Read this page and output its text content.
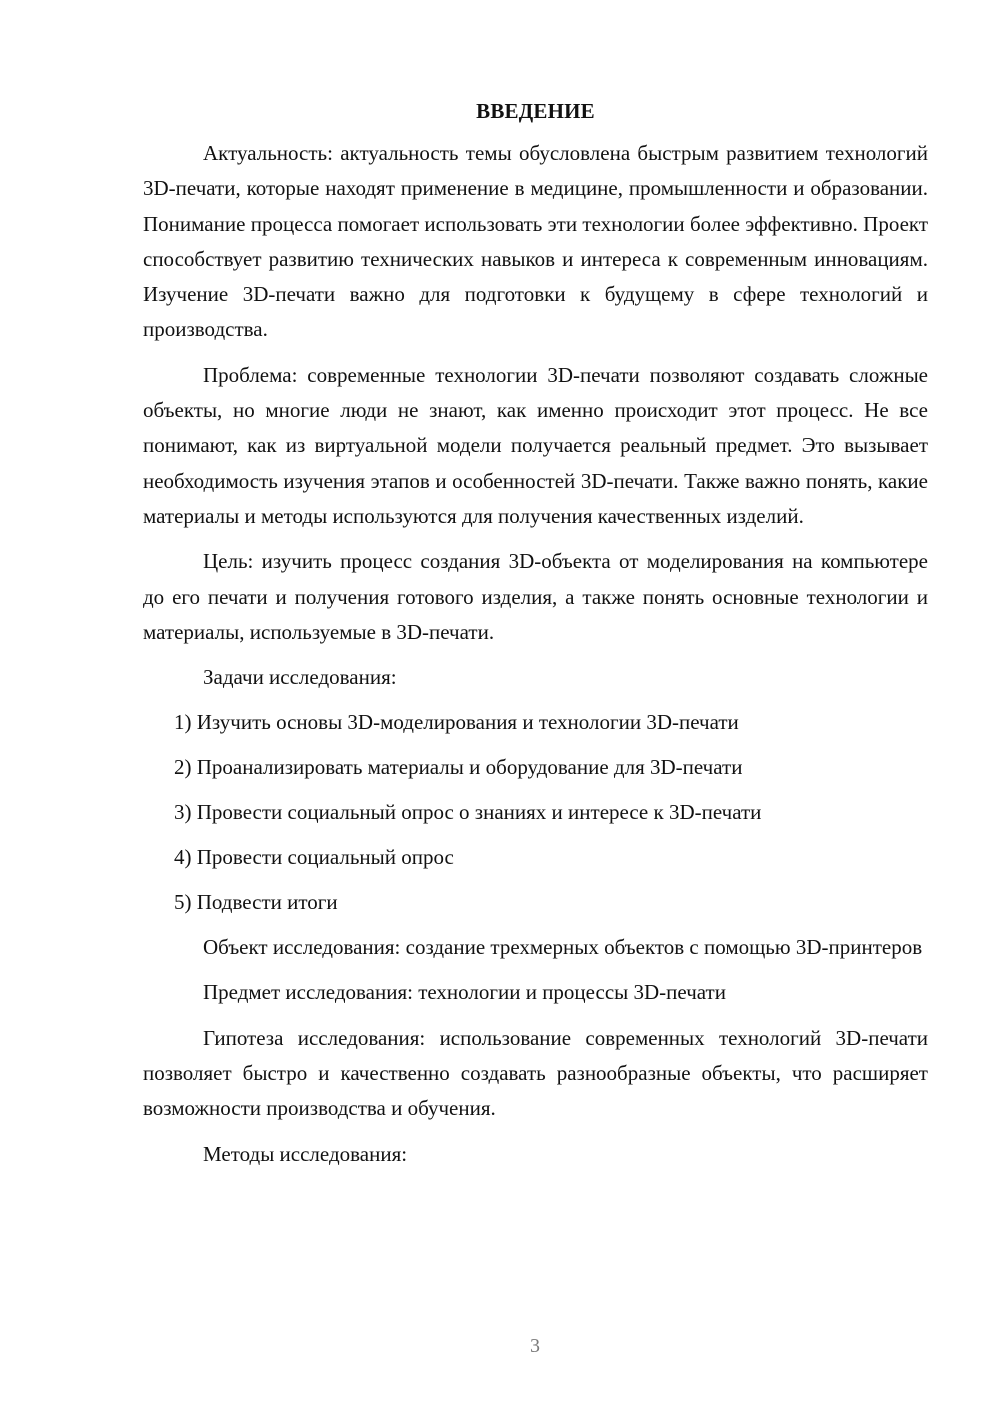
ВВЕДЕНИЕ

Актуальность: актуальность темы обусловлена быстрым развитием технологий 3D-печати, которые находят применение в медицине, промышленности и образовании. Понимание процесса помогает использовать эти технологии более эффективно. Проект способствует развитию технических навыков и интереса к современным инновациям. Изучение 3D-печати важно для подготовки к будущему в сфере технологий и производства.

Проблема: современные технологии 3D-печати позволяют создавать сложные объекты, но многие люди не знают, как именно происходит этот процесс. Не все понимают, как из виртуальной модели получается реальный предмет. Это вызывает необходимость изучения этапов и особенностей 3D-печати. Также важно понять, какие материалы и методы используются для получения качественных изделий.

Цель: изучить процесс создания 3D-объекта от моделирования на компьютере до его печати и получения готового изделия, а также понять основные технологии и материалы, используемые в 3D-печати.

Задачи исследования:
1) Изучить основы 3D-моделирования и технологии 3D-печати
2) Проанализировать материалы и оборудование для 3D-печати
3) Провести социальный опрос о знаниях и интересе к 3D-печати
4) Провести социальный опрос
5) Подвести итоги

Объект исследования: создание трехмерных объектов с помощью 3D-принтеров

Предмет исследования: технологии и процессы 3D-печати

Гипотеза исследования: использование современных технологий 3D-печати позволяет быстро и качественно создавать разнообразные объекты, что расширяет возможности производства и обучения.

Методы исследования:

3
